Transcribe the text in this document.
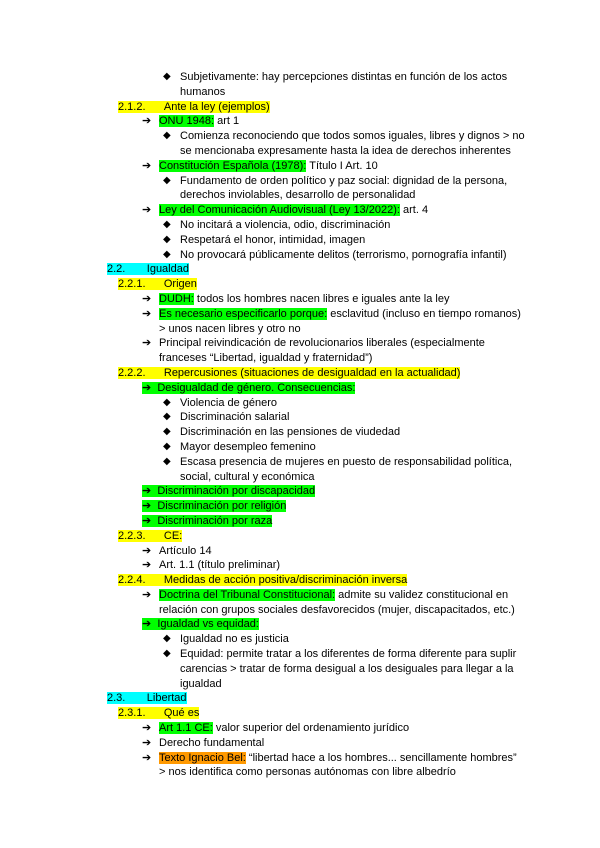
◆ Subjetivamente: hay percepciones distintas en función de los actos
humanos
2.1.2. Ante la ley (ejemplos)
➔ ONU 1948: art 1
◆ Comienza reconociendo que todos somos iguales, libres y dignos > no
se mencionaba expresamente hasta la idea de derechos inherentes
➔ Constitución Española (1978): Título I Art. 10
◆ Fundamento de orden político y paz social: dignidad de la persona,
derechos inviolables, desarrollo de personalidad
➔ Ley del Comunicación Audiovisual (Ley 13/2022): art. 4
◆ No incitará a violencia, odio, discriminación
◆ Respetará el honor, intimidad, imagen
◆ No provocará públicamente delitos (terrorismo, pornografía infantil)
2.2. Igualdad
2.2.1. Origen
➔ DUDH: todos los hombres nacen libres e iguales ante la ley
➔ Es necesario especificarlo porque: esclavitud (incluso en tiempo romanos)
> unos nacen libres y otro no
➔ Principal reivindicación de revolucionarios liberales (especialmente
franceses “Libertad, igualdad y fraternidad”)
2.2.2. Repercusiones (situaciones de desigualdad en la actualidad)
➔ Desigualdad de género. Consecuencias:
◆ Violencia de género
◆ Discriminación salarial
◆ Discriminación en las pensiones de viudedad
◆ Mayor desempleo femenino
◆ Escasa presencia de mujeres en puesto de responsabilidad política,
social, cultural y económica
➔ Discriminación por discapacidad
➔ Discriminación por religión
➔ Discriminación por raza
2.2.3. CE:
➔ Artículo 14
➔ Art. 1.1 (título preliminar)
2.2.4. Medidas de acción positiva/discriminación inversa
➔ Doctrina del Tribunal Constitucional: admite su validez constitucional en
relación con grupos sociales desfavorecidos (mujer, discapacitados, etc.)
➔ Igualdad vs equidad:
◆ Igualdad no es justicia
◆ Equidad: permite tratar a los diferentes de forma diferente para suplir
carencias > tratar de forma desigual a los desiguales para llegar a la
igualdad
2.3. Libertad
2.3.1. Qué es
➔ Art 1.1 CE: valor superior del ordenamiento jurídico
➔ Derecho fundamental
➔ Texto Ignacio Bel: “libertad hace a los hombres... sencillamente hombres”
> nos identifica como personas autónomas con libre albedrío
